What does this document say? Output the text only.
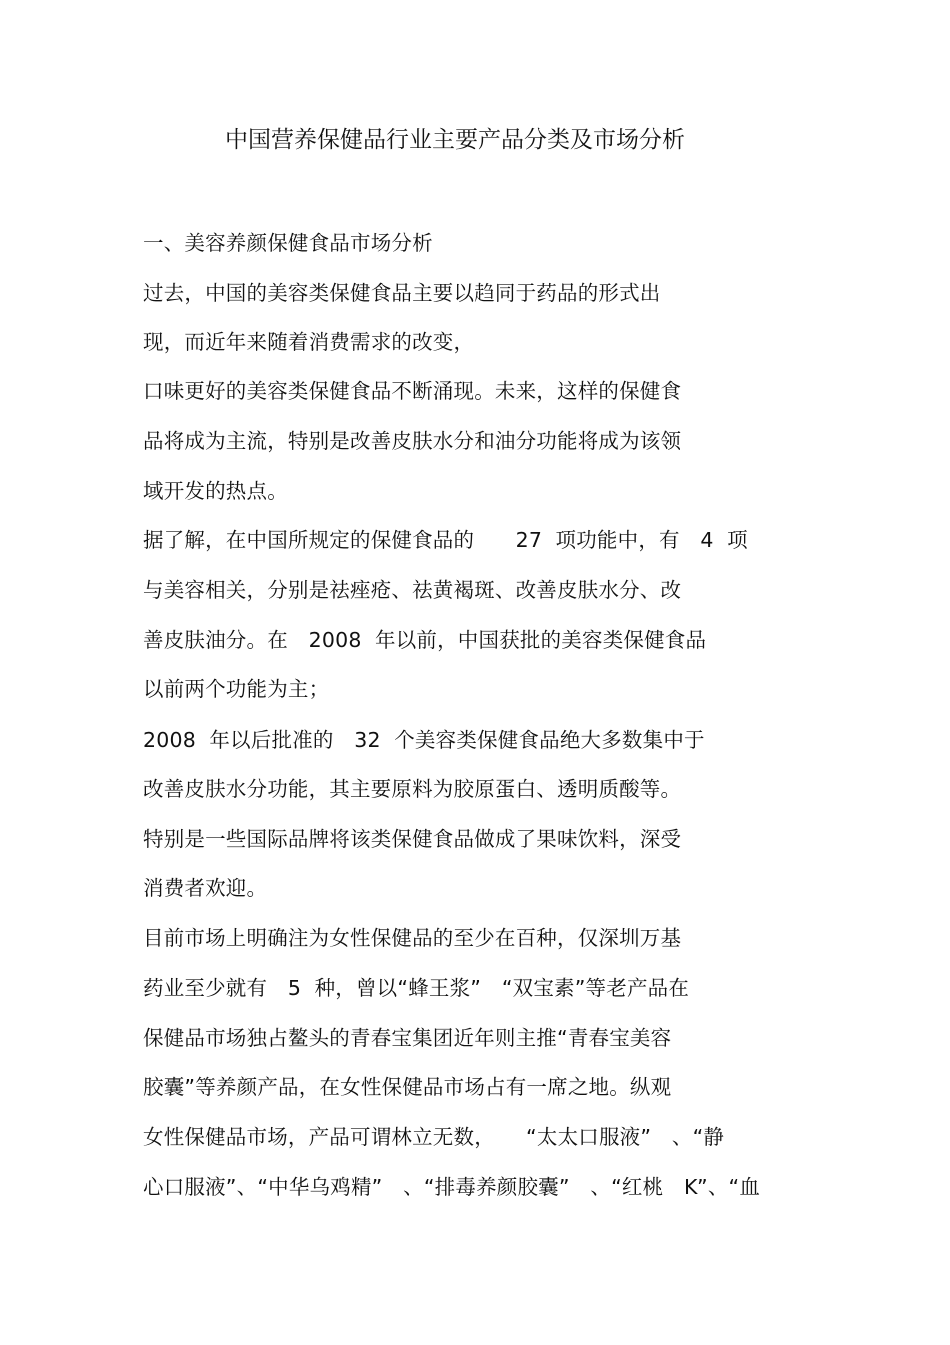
中国营养保健品行业主要产品分类及市场分析
一、美容养颜保健食品市场分析
过去，中国的美容类保健食品主要以趋同于药品的形式出
现，而近年来随着消费需求的改变，
口味更好的美容类保健食品不断涌现。未来，这样的保健食
品将成为主流，特别是改善皮肤水分和油分功能将成为该领
域开发的热点。
据了解，在中国所规定的保健食品的　　27  项功能中，有　4  项
与美容相关，分别是祛痤疮、祛黄褐斑、改善皮肤水分、改
善皮肤油分。在　2008  年以前，中国获批的美容类保健食品
以前两个功能为主；
2008  年以后批准的　32  个美容类保健食品绝大多数集中于
改善皮肤水分功能，其主要原料为胶原蛋白、透明质酸等。
特别是一些国际品牌将该类保健食品做成了果味饮料，深受
消费者欢迎。
目前市场上明确注为女性保健品的至少在百种，仅深圳万基
药业至少就有　5  种，曾以“蜂王浆”　“双宝素”等老产品在
保健品市场独占鳌头的青春宝集团近年则主推“青春宝美容
胶囊”等养颜产品，在女性保健品市场占有一席之地。纵观
女性保健品市场，产品可谓林立无数，　　“太太口服液”　、“静
心口服液”、“中华乌鸡精”　、“排毒养颜胶囊”　、“红桃　K”、“血
